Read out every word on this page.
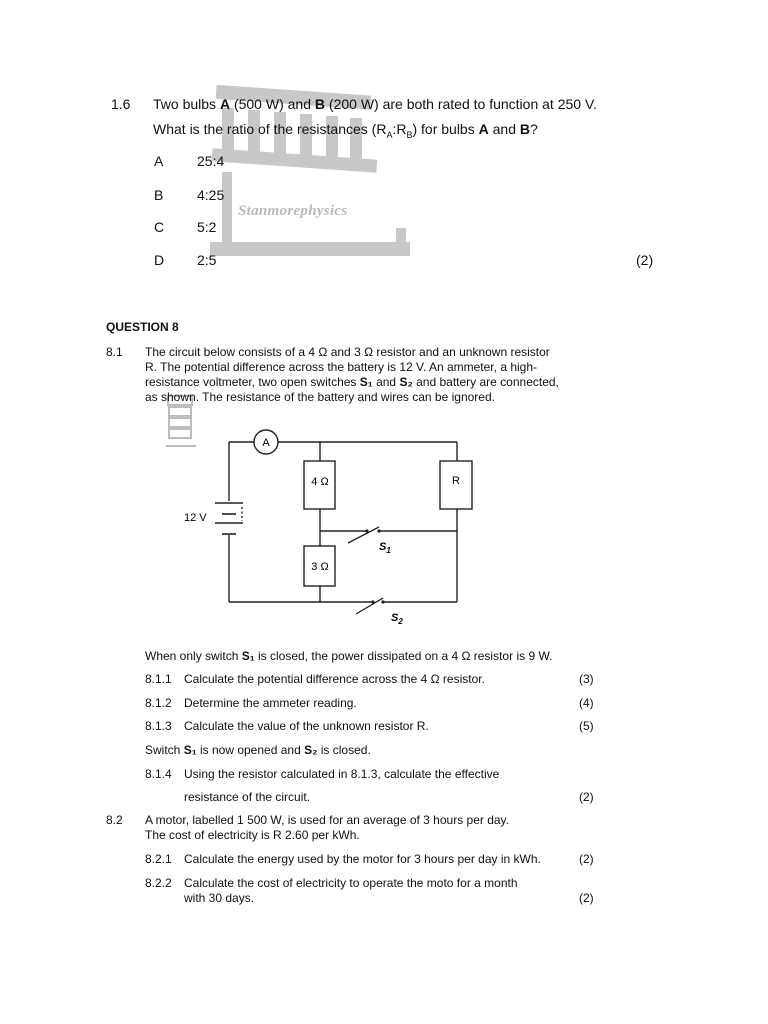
Stanmorephysics
1.6 Two bulbs A (500 W) and B (200 W) are both rated to function at 250 V.
What is the ratio of the resistances $(R_A:R_B)$ for bulbs A and B?
A 25:4
B 4:25
C 5:2
D 2:5	(2)
QUESTION 8
8.1 The circuit below consists of a 4 Ω and 3 Ω resistor and an unknown resistor
R. The potential difference across the battery is 12 V. An ammeter, a high-
resistance voltmeter, two open switches S₁ and S₂ and battery are connected,
as shown. The resistance of the battery and wires can be ignored.
A
12 V
4 Ω
3 Ω
R
$S_1$
$S_2$
When only switch S₁ is closed, the power dissipated on a 4 Ω resistor is 9 W.
8.1.1 Calculate the potential difference across the 4 Ω resistor.	(3)
8.1.2 Determine the ammeter reading.	(4)
8.1.3 Calculate the value of the unknown resistor R.	(5)
Switch S₁ is now opened and S₂ is closed.
8.1.4 Using the resistor calculated in 8.1.3, calculate the effective
resistance of the circuit.	(2)
8.2 A motor, labelled 1 500 W, is used for an average of 3 hours per day.
The cost of electricity is R 2.60 per kWh.
8.2.1 Calculate the energy used by the motor for 3 hours per day in kWh.	(2)
8.2.2 Calculate the cost of electricity to operate the moto for a month
with 30 days.	(2)
